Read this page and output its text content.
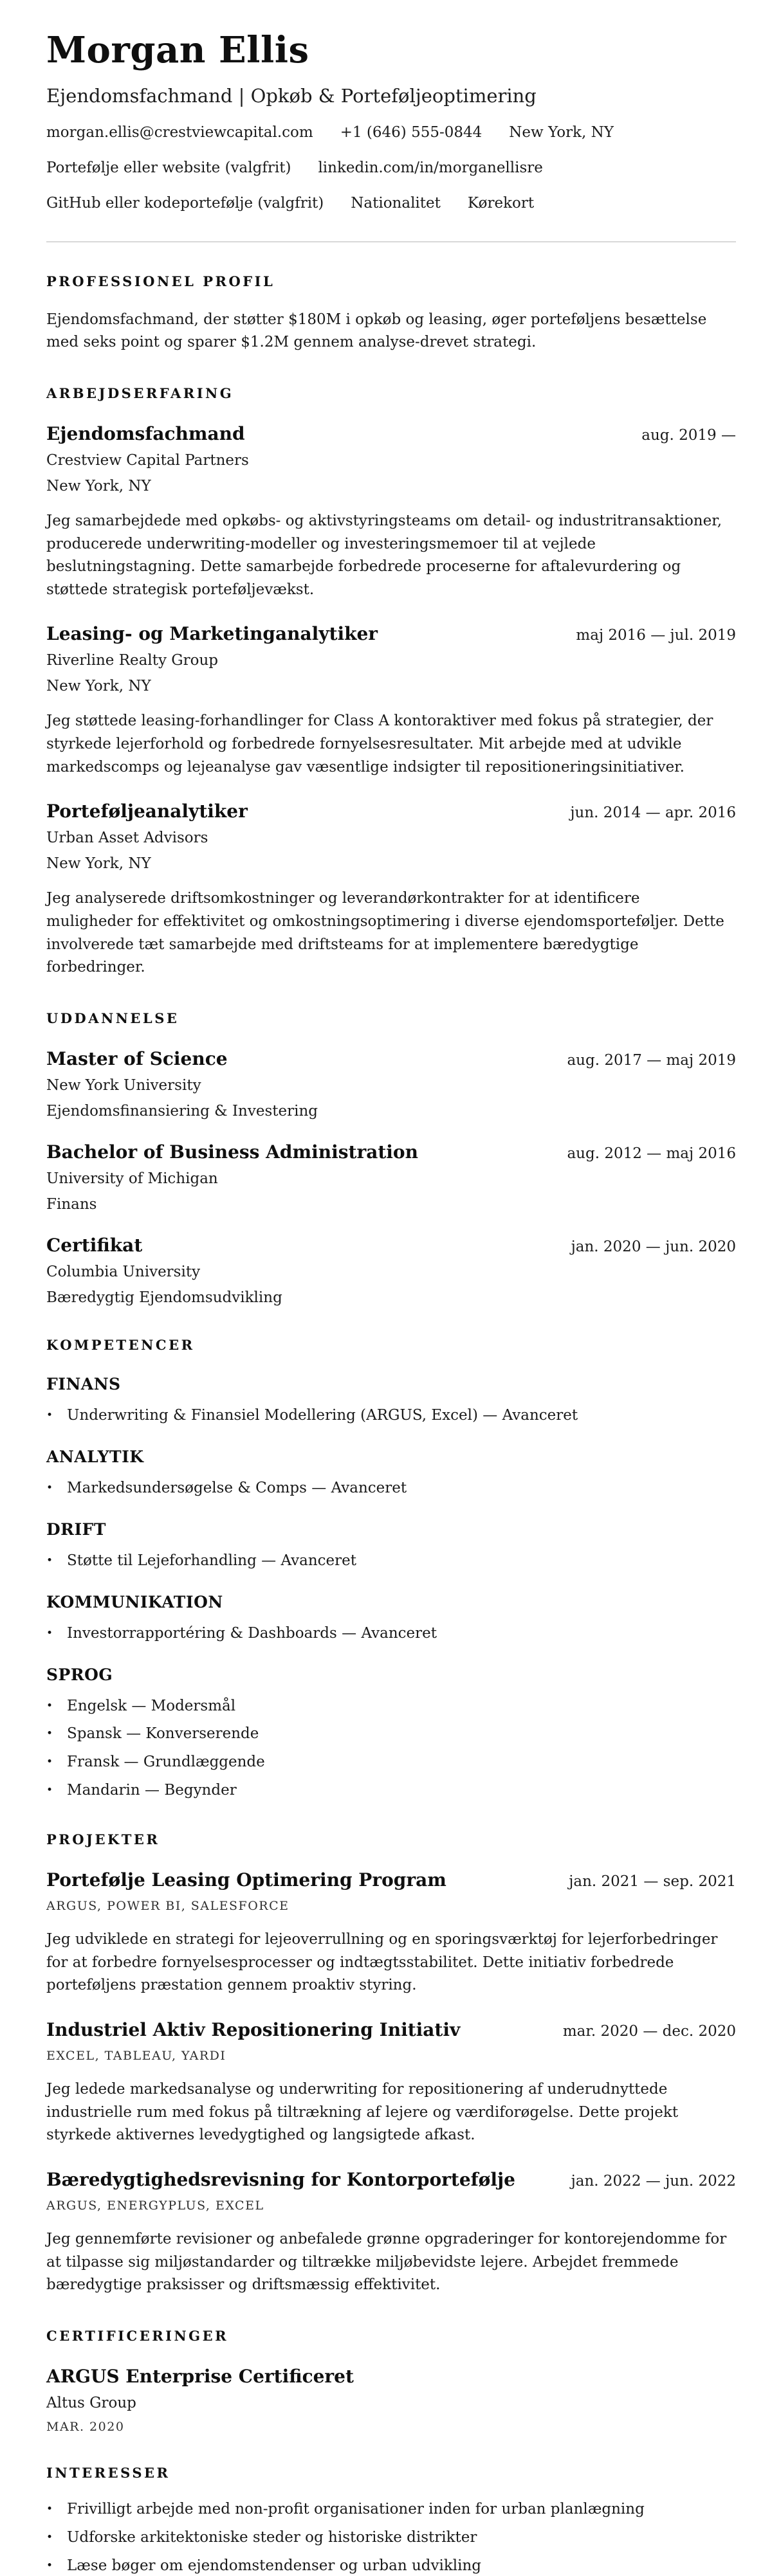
Morgan Ellis
Ejendomsfachmand | Opkøb & Porteføljeoptimering
morgan.ellis@crestviewcapital.com +1 (646) 555-0844 New York, NY
Portefølje eller website (valgfrit) linkedin.com/in/morganellisre
GitHub eller kodeportefølje (valgfrit) Nationalitet Kørekort
PROFESSIONEL PROFIL

Ejendomsfachmand, der støtter $180M i opkøb og leasing, øger porteføljens besættelse med seks point og sparer $1.2M gennem analyse-drevet strategi.

ARBEJDSERFARING
Ejendomsfachmand	aug. 2019 —
Crestview Capital Partners
New York, NY

Jeg samarbejdede med opkøbs- og aktivstyringsteams om detail- og industritransaktioner, producerede underwriting-modeller og investeringsmemoer til at vejlede beslutningstagning. Dette samarbejde forbedrede proceserne for aftalevurdering og støttede strategisk porteføljevækst.

Leasing- og Marketinganalytiker	maj 2016 — jul. 2019
Riverline Realty Group
New York, NY

Jeg støttede leasing-forhandlinger for Class A kontoraktiver med fokus på strategier, der styrkede lejerforhold og forbedrede fornyelsesresultater. Mit arbejde med at udvikle markedscomps og lejeanalyse gav væsentlige indsigter til repositioneringsinitiativer.

Porteføljeanalytiker	jun. 2014 — apr. 2016
Urban Asset Advisors
New York, NY

Jeg analyserede driftsomkostninger og leverandørkontrakter for at identificere muligheder for effektivitet og omkostningsoptimering i diverse ejendomsporteføljer. Dette involverede tæt samarbejde med driftsteams for at implementere bæredygtige forbedringer.

UDDANNELSE
Master of Science	aug. 2017 — maj 2019
New York University
Ejendomsfinansiering & Investering
Bachelor of Business Administration	aug. 2012 — maj 2016
University of Michigan
Finans
Certifikat	jan. 2020 — jun. 2020
Columbia University
Bæredygtig Ejendomsudvikling
KOMPETENCER
FINANS
• Underwriting & Finansiel Modellering (ARGUS, Excel) — Avanceret
ANALYTIK
• Markedsundersøgelse & Comps — Avanceret
DRIFT
• Støtte til Lejeforhandling — Avanceret
KOMMUNIKATION
• Investorrapportéring & Dashboards — Avanceret
SPROG
• Engelsk — Modersmål
• Spansk — Konverserende
• Fransk — Grundlæggende
• Mandarin — Begynder
PROJEKTER
Portefølje Leasing Optimering Program	jan. 2021 — sep. 2021
ARGUS, POWER BI, SALESFORCE

Jeg udviklede en strategi for lejeoverrullning og en sporingsværktøj for lejerforbedringer for at forbedre fornyelsesprocesser og indtægtsstabilitet. Dette initiativ forbedrede porteføljens præstation gennem proaktiv styring.

Industriel Aktiv Repositionering Initiativ	mar. 2020 — dec. 2020
EXCEL, TABLEAU, YARDI

Jeg ledede markedsanalyse og underwriting for repositionering af underudnyttede industrielle rum med fokus på tiltrækning af lejere og værdiforøgelse. Dette projekt styrkede aktivernes levedygtighed og langsigtede afkast.

Bæredygtighedsrevisning for Kontorportefølje	jan. 2022 — jun. 2022
ARGUS, ENERGYPLUS, EXCEL

Jeg gennemførte revisioner og anbefalede grønne opgraderinger for kontorejendomme for at tilpasse sig miljøstandarder og tiltrække miljøbevidste lejere. Arbejdet fremmede bæredygtige praksisser og driftsmæssig effektivitet.

CERTIFICERINGER
ARGUS Enterprise Certificeret
Altus Group
MAR. 2020
INTERESSER
• Frivilligt arbejde med non-profit organisationer inden for urban planlægning
• Udforske arkitektoniske steder og historiske distrikter
• Læse bøger om ejendomstendenser og urban udvikling
